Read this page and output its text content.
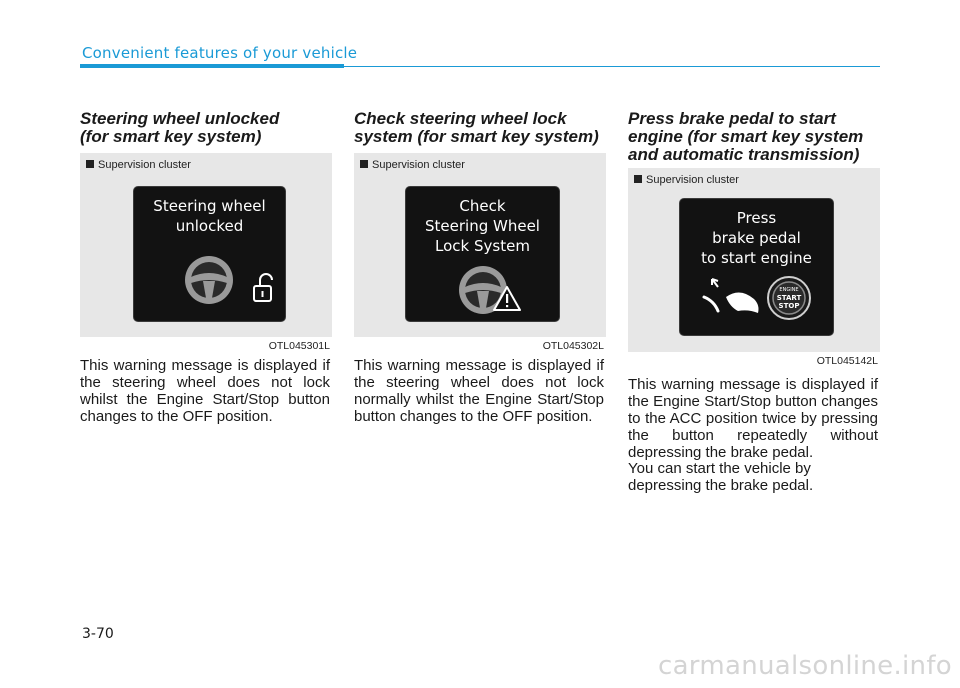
Convenient features of your vehicle

Steering wheel unlocked
(for smart key system)

Supervision cluster
Steering wheel
unlocked
OTL045301L

This warning message is displayed if the steering wheel does not lock whilst the Engine Start/Stop button changes to the OFF position.

Check steering wheel lock
system (for smart key system)

Supervision cluster
Check
Steering Wheel
Lock System
OTL045302L

This warning message is displayed if the steering wheel does not lock normally whilst the Engine Start/Stop button changes to the OFF position.

Press brake pedal to start
engine (for smart key system
and automatic transmission)

Supervision cluster
Press
brake pedal
to start engine
ENGINE
START
STOP
OTL045142L

This warning message is displayed if the Engine Start/Stop button changes to the ACC position twice by pressing the button repeatedly without depressing the brake pedal.

You can start the vehicle by depressing the brake pedal.

3-70
carmanualsonline.info
